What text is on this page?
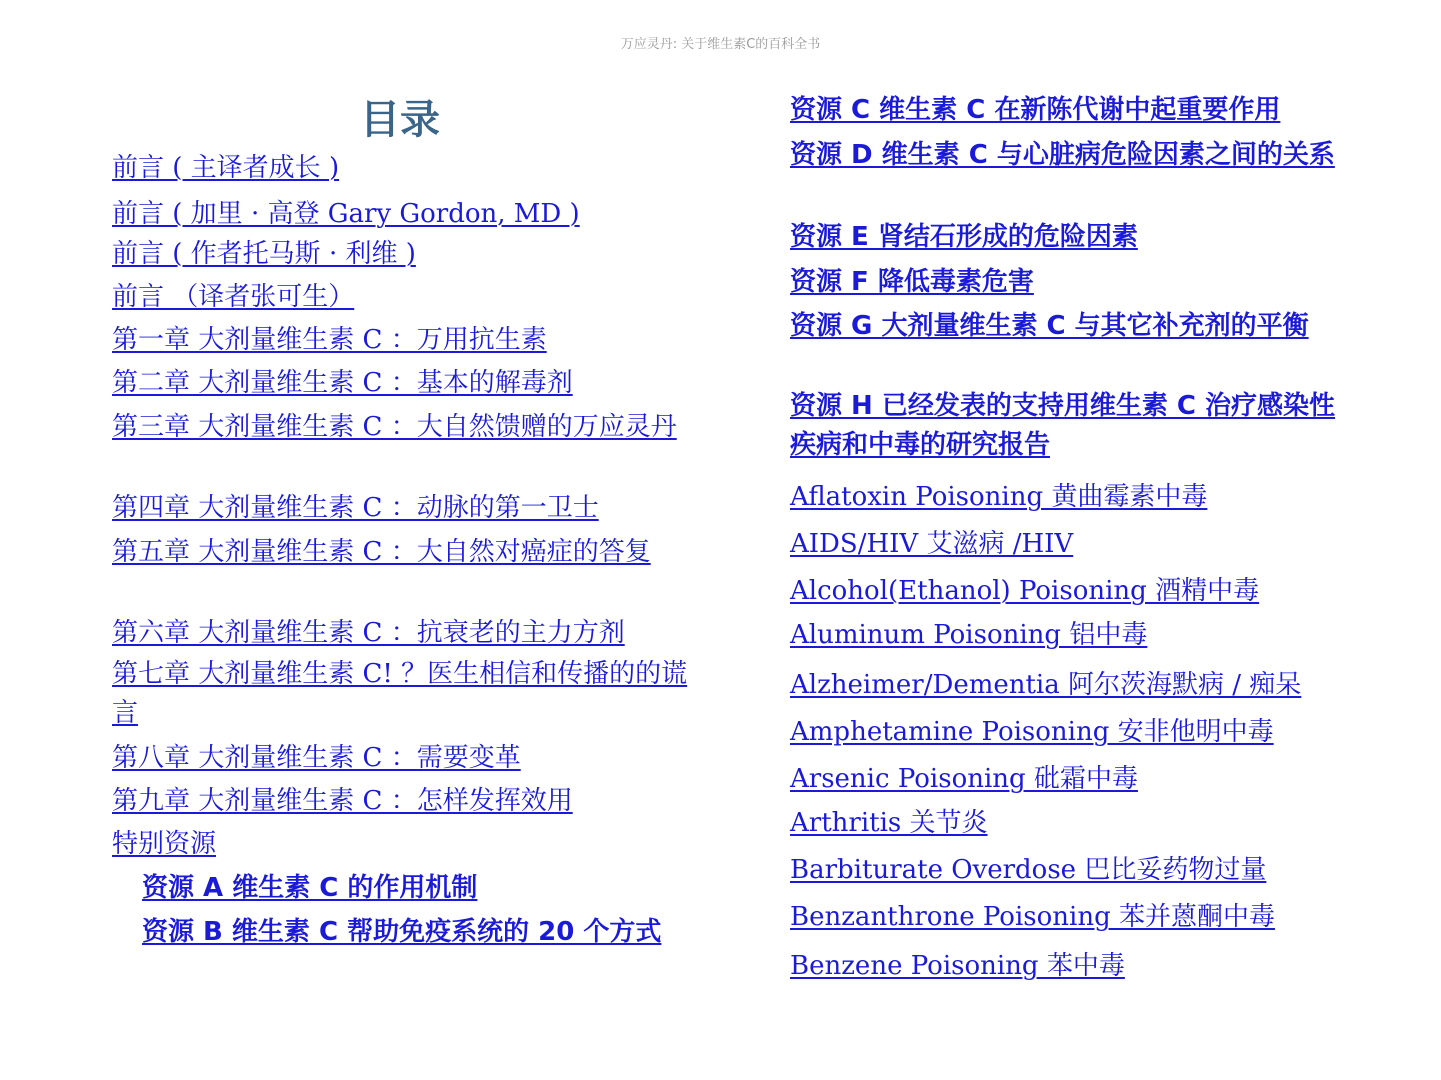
万应灵丹: 关于维生素C的百科全书
目录
前言 ( 主译者成长 )
前言 ( 加里 · 高登 Gary Gordon, MD )
前言 ( 作者托马斯 · 利维 )
前言 （译者张可生）
第一章 大剂量维生素 C ：万用抗生素
第二章 大剂量维生素 C ：基本的解毒剂
第三章 大剂量维生素 C ：大自然馈赠的万应灵丹
第四章 大剂量维生素 C ：动脉的第一卫士
第五章 大剂量维生素 C ：大自然对癌症的答复
第六章 大剂量维生素 C ：抗衰老的主力方剂
第七章 大剂量维生素 C! ？医生相信和传播的的谎言
第八章 大剂量维生素 C ：需要变革
第九章 大剂量维生素 C ：怎样发挥效用
特别资源
资源 A 维生素 C 的作用机制
资源 B 维生素 C 帮助免疫系统的 20 个方式
资源 C 维生素 C 在新陈代谢中起重要作用
资源 D 维生素 C 与心脏病危险因素之间的关系
资源 E 肾结石形成的危险因素
资源 F 降低毒素危害
资源 G 大剂量维生素 C 与其它补充剂的平衡
资源 H 已经发表的支持用维生素 C 治疗感染性疾病和中毒的研究报告
Aflatoxin Poisoning 黄曲霉素中毒
AIDS/HIV 艾滋病 /HIV
Alcohol(Ethanol) Poisoning 酒精中毒
Aluminum Poisoning 铝中毒
Alzheimer/Dementia 阿尔茨海默病 / 痴呆
Amphetamine Poisoning 安非他明中毒
Arsenic Poisoning 砒霜中毒
Arthritis 关节炎
Barbiturate Overdose 巴比妥药物过量
Benzanthrone Poisoning 苯并蒽酮中毒
Benzene Poisoning 苯中毒
